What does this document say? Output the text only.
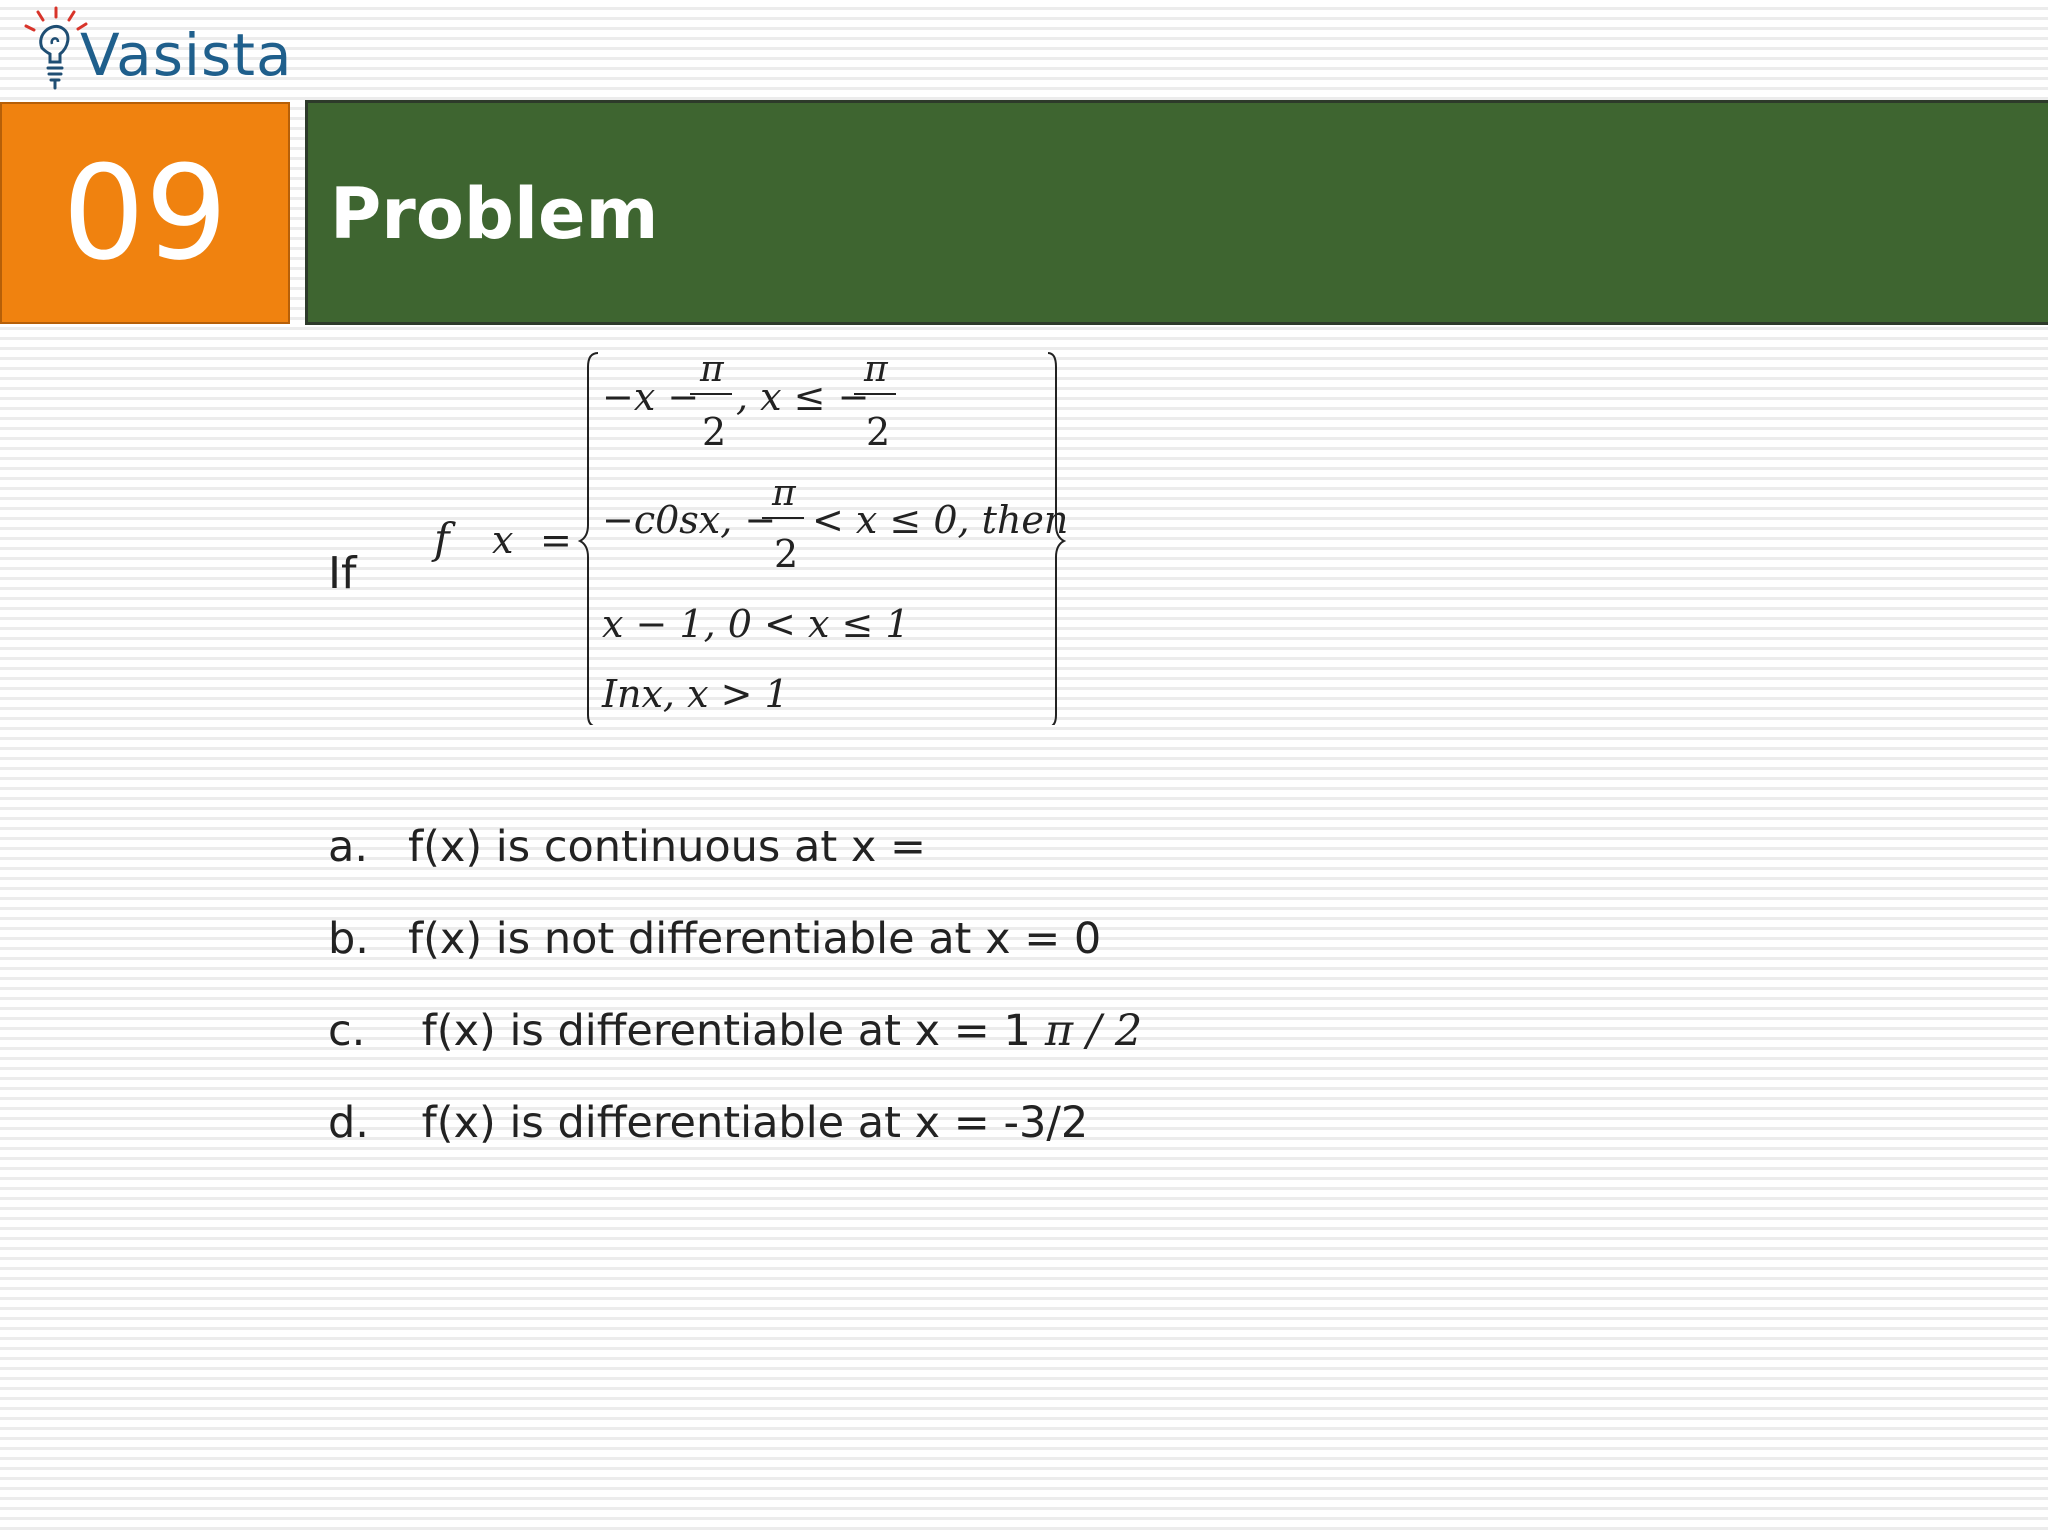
Vasista
09 Problem
If
f x =
−x −
π
2
, x ≤ −
π
2
−c0sx, −
π
2
< x ≤ 0, then
x − 1, 0 < x ≤ 1
Inx, x > 1
a. f(x) is continuous at x =
b. f(x) is not differentiable at x = 0
c. f(x) is differentiable at x = 1 π / 2
d. f(x) is differentiable at x = -3/2
